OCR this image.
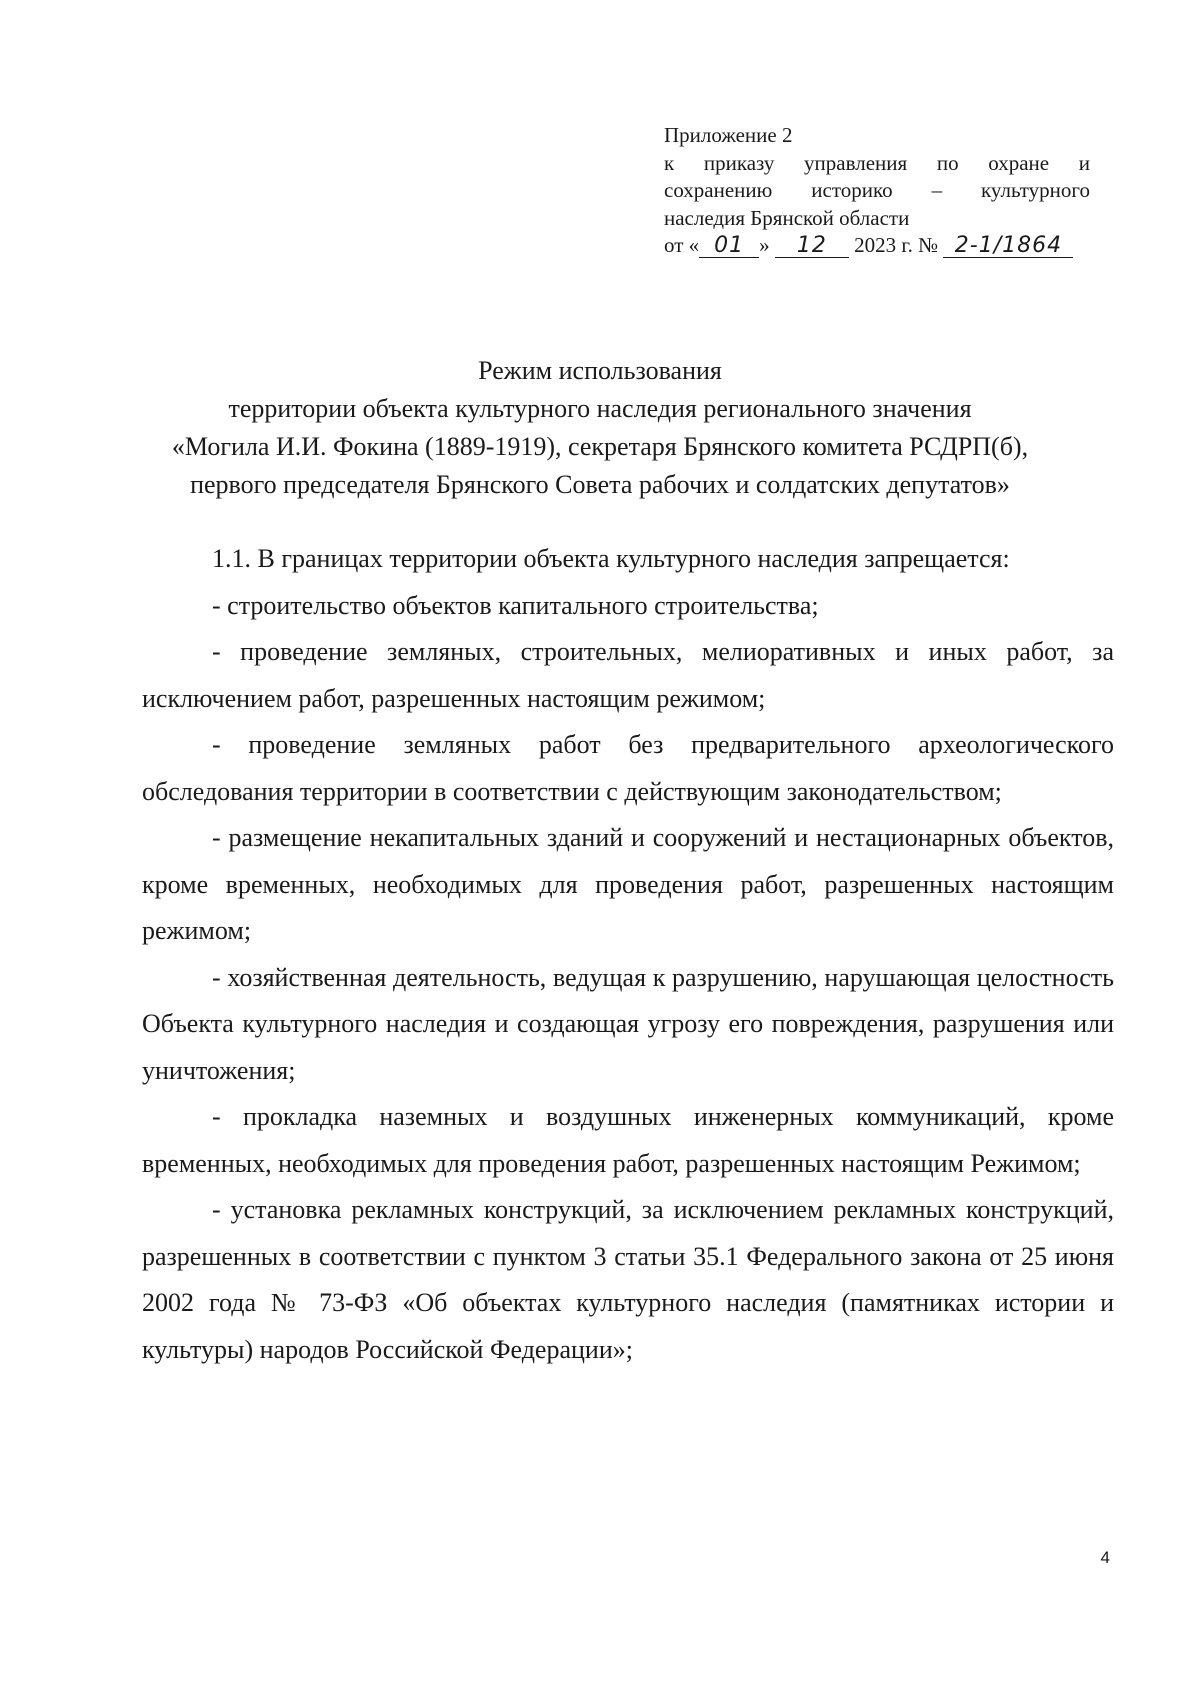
Приложение 2
к приказу управления по охране и
сохранению историко – культурного
наследия Брянской области
от « 01 » 12 2023 г. № 2-1/1864
Режим использования
территории объекта культурного наследия регионального значения
«Могила И.И. Фокина (1889-1919), секретаря Брянского комитета РСДРП(б),
первого председателя Брянского Совета рабочих и солдатских депутатов»

1.1. В границах территории объекта культурного наследия запрещается:

- строительство объектов капитального строительства;

- проведение земляных, строительных, мелиоративных и иных работ, за исключением работ, разрешенных настоящим режимом;

- проведение земляных работ без предварительного археологического обследования территории в соответствии с действующим законодательством;

- размещение некапитальных зданий и сооружений и нестационарных объектов, кроме временных, необходимых для проведения работ, разрешенных настоящим режимом;

- хозяйственная деятельность, ведущая к разрушению, нарушающая целостность Объекта культурного наследия и создающая угрозу его повреждения, разрушения или уничтожения;

- прокладка наземных и воздушных инженерных коммуникаций, кроме временных, необходимых для проведения работ, разрешенных настоящим Режимом;

- установка рекламных конструкций, за исключением рекламных конструкций, разрешенных в соответствии с пунктом 3 статьи 35.1 Федерального закона от 25 июня 2002 года № 73-ФЗ «Об объектах культурного наследия (памятниках истории и культуры) народов Российской Федерации»;

4
